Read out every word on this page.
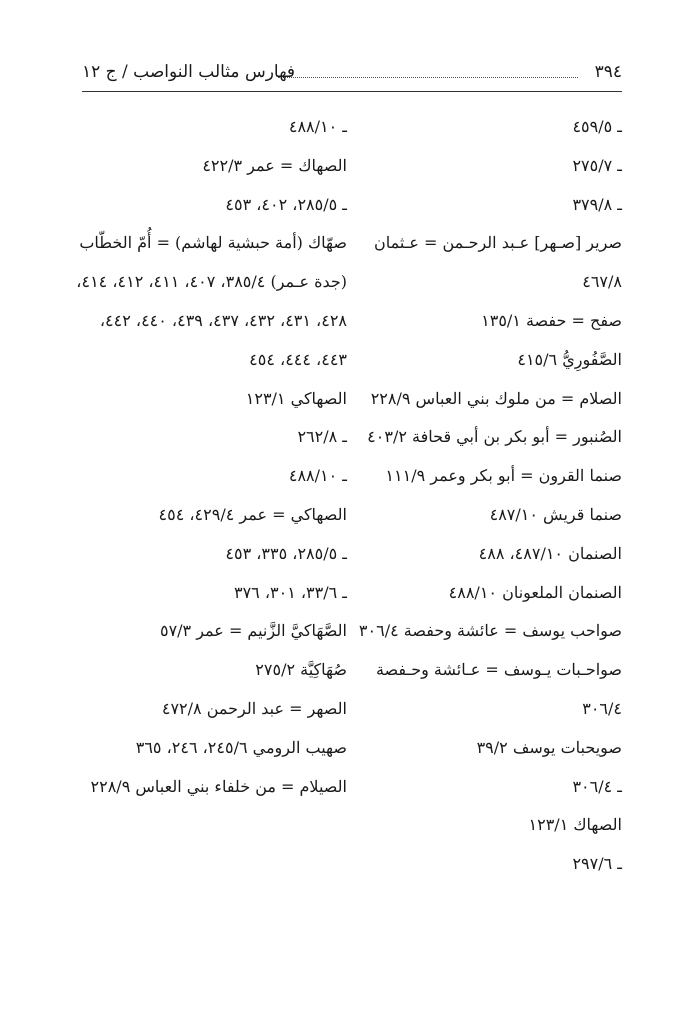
٣٩٤
فهارس مثالب النواصب / ج ١٢
ـ ٤٥٩/٥
ـ ٢٧٥/٧
ـ ٣٧٩/٨
صرير [صـهر] عـبد الرحـمن = عـثمان
٤٦٧/٨
صفح = حفصة ١٣٥/١
الصَّفُورِيُّ ٤١٥/٦
الصلام = من ملوك بني العباس ٢٢٨/٩
الصُنبور = أبو بكر بن أبي قحافة ٤٠٣/٢
صنما القرون = أبو بكر وعمر ١١١/٩
صنما قريش ٤٨٧/١٠
الصنمان ٤٨٧/١٠، ٤٨٨
الصنمان الملعونان ٤٨٨/١٠
صواحب يوسف = عائشة وحفصة ٣٠٦/٤
صواحـبات يـوسف = عـائشة وحـفصة
٣٠٦/٤
صويحبات يوسف ٣٩/٢
ـ ٣٠٦/٤
الصهاك ١٢٣/١
ـ ٢٩٧/٦
ـ ٤٨٨/١٠
الصهاك = عمر ٤٢٢/٣
ـ ٢٨٥/٥، ٤٠٢، ٤٥٣
صهّاك (أمة حبشية لهاشم) = أُمّ الخطّاب
(جدة عـمر) ٣٨٥/٤، ٤٠٧، ٤١١، ٤١٢، ٤١٤،
٤٢٨، ٤٣١، ٤٣٢، ٤٣٧، ٤٣٩، ٤٤٠، ٤٤٢،
٤٤٣، ٤٤٤، ٤٥٤
الصهاكي ١٢٣/١
ـ ٢٦٢/٨
ـ ٤٨٨/١٠
الصهاكي = عمر ٤٢٩/٤، ٤٥٤
ـ ٢٨٥/٥، ٣٣٥، ٤٥٣
ـ ٣٣/٦، ٣٠١، ٣٧٦
الصَّهَاكيَّ الزَّنيم = عمر ٥٧/٣
صُهَاكِيَّة ٢٧٥/٢
الصهر = عبد الرحمن ٤٧٢/٨
صهيب الرومي ٢٤٥/٦، ٢٤٦، ٣٦٥
الصيلام = من خلفاء بني العباس ٢٢٨/٩
